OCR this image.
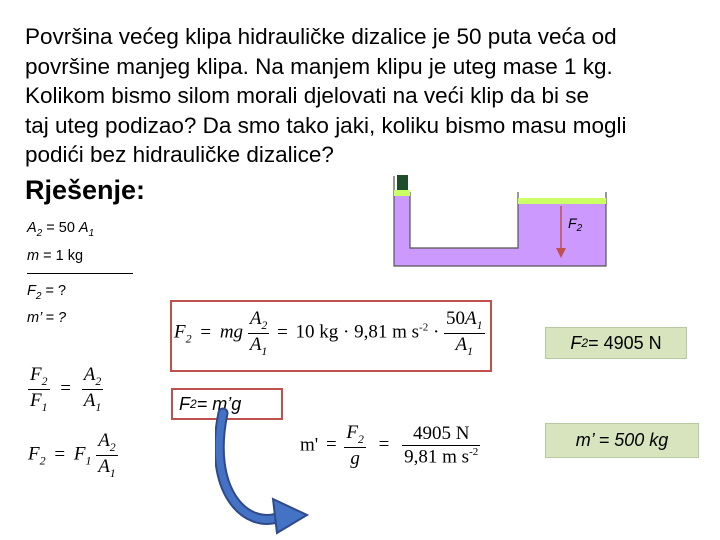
Površina većeg klipa hidrauličke dizalice je 50 puta veća od
površine manjeg klipa. Na manjem klipu je uteg mase 1 kg.
Kolikom bismo silom morali djelovati na veći klip da bi se
taj uteg podizao? Da smo tako jaki, koliku bismo masu mogli
podići bez hidrauličke dizalice?

Rješenje:
$A_2 = 50$ $A_1$
m = 1 kg
$F_2$ = ?
m’ = ?
$\frac{F_2}{F_1} = \frac{A_2}{A_1}$
$F_2 = F_1 \frac{A_2}{A_1}$
$F_2$ = mg $\frac{A_2}{A_1} = 10$ kg · 9,81 m $s^{-2} \cdot \frac{50A_1}{A_1}$	F 2 = 4905 N
F 2 = m’g
$m' = \frac{F_2}{g} = \frac{4905 N}{9,81 m s^{-2}}$	m’ = 500 kg
$F_2$
